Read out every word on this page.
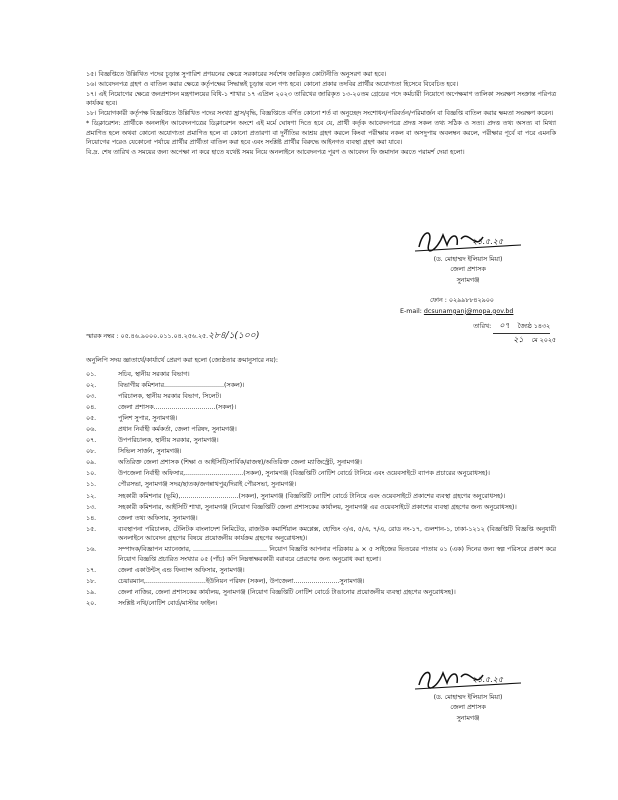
১৫। বিজ্ঞপ্তিতে উল্লিখিত পদের চূড়ান্ত সুপারিশ প্রণয়নের ক্ষেত্রে সরকারের সর্বশেষ জারিকৃত কোটানীতি অনুসরণ করা হবে।

১৬। আবেদনপত্র গ্রহণ ও বাতিল করার ক্ষেত্রে কর্তৃপক্ষের সিদ্ধান্তই চূড়ান্ত বলে গণ্য হবে। কোনো প্রকার তদবির প্রার্থীর অযোগ্যতা হিসেবে বিবেচিত হবে।

১৭। এই নিয়োগের ক্ষেত্রে জনপ্রশাসন মন্ত্রণালয়ের বিধি-১ শাখার ১৭ এপ্রিল ২০২৩ তারিখের জারিকৃত ১৩-২০তম গ্রেডের পদে কর্মচারী নিয়োগে অপেক্ষমাণ তালিকা সংরক্ষণ সংক্রান্ত পরিপত্র কার্যকর হবে।

১৮। নিয়োগকারী কর্তৃপক্ষ বিজ্ঞপ্তিতে উল্লিখিত পদের সংখ্যা হ্রাস/বৃদ্ধি, বিজ্ঞপ্তিতে বর্ণিত কোনো শর্ত বা অনুচ্ছেদ সংশোধন/পরিবর্তন/পরিমার্জন বা বিজ্ঞপ্তি বাতিল করার ক্ষমতা সংরক্ষণ করেন।

* ডিক্লারেশন: প্রার্থীকে অনলাইন আবেদনপত্রের ডিক্লারেশন অংশে এই মর্মে ঘোষণা দিতে হবে যে, প্রার্থী কর্তৃক আবেদনপত্রে প্রদত্ত সকল তথ্য সঠিক ও সত্য। প্রদত্ত তথ্য অসত্য বা মিথ্যা প্রমাণিত হলে অথবা কোনো অযোগ্যতা প্রমাণিত হলে বা কোনো প্রতারণা বা দুর্নীতির আশ্রয় গ্রহণ করলে কিংবা পরীক্ষায় নকল বা অসদুপায় অবলম্বন করলে, পরীক্ষার পূর্বে বা পরে এমনকি নিয়োগের পরেও যেকোনো পর্যায়ে প্রার্থীর প্রার্থীতা বাতিল করা হবে এবং সংশ্লিষ্ট প্রার্থীর বিরুদ্ধে আইনগত ব্যবস্থা গ্রহণ করা যাবে।

বি.দ্র. শেষ তারিখ ও সময়ের জন্য অপেক্ষা না করে হাতে যথেষ্ট সময় নিয়ে অনলাইনে আবেদনপত্র পূরণ ও আবেদন ফি জমাদান করতে পরামর্শ দেয়া হলো।

২১.৫.২৫
(ড. মোহাম্মদ ইলিয়াস মিয়া)
জেলা প্রশাসক
সুনামগঞ্জ
ফোন : ০২৯৯৮৮৪২৯০০
E-mail: dcsunamganj@mopa.gov.bd
স্মারক নম্বর : ০৫.৪৬.৯০০০.০১১.০৪.২৫৬.২৫.২৮৪/১(১০০)
তারিখ: ০৭ জ্যৈষ্ঠ ১৪৩২
২১ মে ২০২৫
অনুলিপি সদয় জ্ঞাতার্থে/কার্যার্থে প্রেরণ করা হলো (জ্যেষ্ঠতার ক্রমানুসারে নয়):
০১.	সচিব, স্থানীয় সরকার বিভাগ।
০২.	বিভাগীয় কমিশনার..............................(সকল)।
০৩.	পরিচালক, স্থানীয় সরকার বিভাগ, সিলেট।
০৪.	জেলা প্রশাসক...............................(সকল)।
০৫.	পুলিশ সুপার, সুনামগঞ্জ।
০৬.	প্রধান নির্বাহী কর্মকর্তা, জেলা পরিষদ, সুনামগঞ্জ।
০৭.	উপপরিচালক, স্থানীয় সরকার, সুনামগঞ্জ।
০৮.	সিভিল সার্জন, সুনামগঞ্জ।
০৯.	অতিরিক্ত জেলা প্রশাসক (শিক্ষা ও আইসিটি/সার্বিক/রাজস্ব)/অতিরিক্ত জেলা ম্যাজিস্ট্রেট, সুনামগঞ্জ।
১০.	উপজেলা নির্বাহী অফিসার,.............................(সকল), সুনামগঞ্জ (বিজ্ঞপ্তিটি নোটিশ বোর্ডে টানিয়ে এবং ওয়েবসাইটে ব্যাপক প্রচারের অনুরোধসহ)।
১১.	পৌরসভা, সুনামগঞ্জ সদর/ছাতক/জগন্নাথপুর/দিরাই পৌরসভা, সুনামগঞ্জ।
১২.	সহকারী কমিশনার (ভূমি),.............................(সকল), সুনামগঞ্জ (বিজ্ঞপ্তিটি নোটিশ বোর্ডে টানিয়ে এবং ওয়েবসাইটে প্রকাশের ব্যবস্থা গ্রহণের অনুরোধসহ)।
১৩.	সহকারী কমিশনার, আইসিটি শাখা, সুনামগঞ্জ (নিয়োগ বিজ্ঞপ্তিটি জেলা প্রশাসকের কার্যালয়, সুনামগঞ্জ এর ওয়েবসাইটে প্রকাশের ব্যবস্থা গ্রহণের জন্য অনুরোধসহ)।
১৪.	জেলা তথ্য অফিসার, সুনামগঞ্জ।
১৫.	ব্যবস্থাপনা পরিচালক, টেলিটক বাংলাদেশ লিমিটেড, রাজউক কমার্শিয়াল কমপ্লেক্স, হোল্ডিং ৩/এ, ৫/এ, ৭/এ, রোড নং-১৭, গুলশান-১, ঢাকা-১২১২ (বিজ্ঞপ্তিটি বিজ্ঞপ্তি অনুযায়ী অনলাইনে আবেদন গ্রহণের বিষয়ে প্রয়োজনীয় কার্যক্রম গ্রহণের অনুরোধসহ)।
১৬.	সম্পাদক/বিজ্ঞাপন ম্যানেজার, ..................................... নিয়োগ বিজ্ঞপ্তি আপনার পত্রিকায় ৯ × ৫ সাইজের ভিতরের পাতায় ০১ (এক) দিনের জন্য স্বল্প পরিসরে প্রকাশ করে নিয়োগ বিজ্ঞপ্তি প্রচারিত সংখ্যার ০৫ (পাঁচ) কপি নিম্নস্বাক্ষরকারী বরাবরে প্রেরণের জন্য অনুরোধ করা হলো।
১৭.	জেলা একাউন্টস্ এন্ড ফিন্যান্স অফিসার, সুনামগঞ্জ।
১৮.	চেয়ারম্যান,..............................ইউনিয়ন পরিষদ (সকল), উপজেলা.......................সুনামগঞ্জ।
১৯.	জেলা নাজির, জেলা প্রশাসকের কার্যালয়, সুনামগঞ্জ (নিয়োগ বিজ্ঞপ্তিটি নোটিশ বোর্ডে টাঙানোর প্রয়োজনীয় ব্যবস্থা গ্রহণের অনুরোধসহ)।
২০.	সংশ্লিষ্ট নথি/নোটিশ বোর্ড/মাস্টার ফাইল।
২১.৫.২৫
(ড. মোহাম্মদ ইলিয়াস মিয়া)
জেলা প্রশাসক
সুনামগঞ্জ
